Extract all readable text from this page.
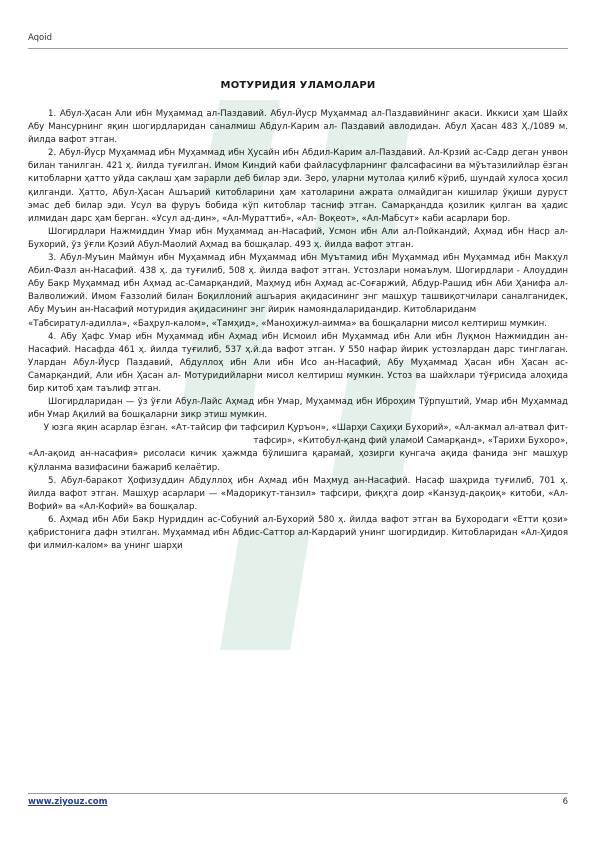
Aqoid
МОТУРИДИЯ УЛАМОЛАРИ

1. Абул-Ҳасан Али ибн Муҳаммад ал-Паздавий. Абул-Йуср Муҳаммад ал-Паздавийнинг акаси. Иккиси ҳам Шайх Абу Мансурнинг яқин шогирдларидан саналмиш Абдул-Карим ал- Паздавий авлодидан. Абул Ҳасан 483 Ҳ./1089 м. йилда вафот этган.

2. Абул-Йуср Муҳаммад ибн Муҳаммад ибн Ҳусайн ибн Абдил-Карим ал-Паздавий. Ал-Крзий ас-Садр деган унвон билан танилган. 421 ҳ. йилда туғилган. Имом Киндий каби файласуфларнинг фалсафасини ва мўътазилийлар ёзган китобларни ҳатто уйда сақлаш ҳам зарарли деб билар эди. Зеро, уларни мутолаа қилиб кўриб, шундай хулоса ҳосил қилганди. Ҳатто, Абул-Ҳасан Ашъарий китобларини ҳам хатоларини ажрата олмайдиган кишилар ўқиши дуруст эмас деб билар эди. Усул ва фуруъ бобида кўп китоблар тасниф этган. Самарқандда қозилик қилган ва ҳадис илмидан дарс ҳам берган. «Усул ад-дин», «Ал-Мураттиб», «Ал- Воқеот», «Ал-Мабсут» каби асарлари бор.

Шогирдлари Нажмиддин Умар ибн Муҳаммад ан-Насафий, Усмон ибн Али ал-Пойкандий, Аҳмад ибн Наср ал-Бухорий, ўз ўғли Қозий Абул-Маолий Аҳмад ва бошқалар. 493 ҳ. йилда вафот этган.

3. Абул-Муъин Маймун ибн Муҳаммад ибн Муҳаммад ибн Муътамид ибн Муҳаммад ибн Муҳаммад ибн Макҳул Абил-Фазл ан-Насафий. 438 ҳ. да туғилиб, 508 ҳ. йилда вафот этган. Устозлари номаълум. Шогирдлари - Алоуддин Абу Бакр Муҳаммад ибн Аҳмад ас-Самарқандий, Маҳмуд ибн Аҳмад ас-Соғаржий, Абдур-Рашид ибн Аби Ҳанифа ал-Валволижий. Имом Ғаззолий билан Боқиллоний ашъария ақидасининг энг машҳур ташвиқотчилари саналганидек, Абу Муъин ан-Насафий мотуридия ақидасининг энг йирик намояндаларидандир. Китоблариданм

«Табсиратул-адилла», «Баҳрул-калом», «Тамҳид», «Маноҳижул-аимма» ва бошқаларни мисол келтириш мумкин.

4. Абу Ҳафс Умар ибн Муҳаммад ибн Аҳмад ибн Исмоил ибн Муҳаммад ибн Али ибн Луқмон Нажмиддин ан-Насафий. Насафда 461 ҳ. йилда туғилиб, 537 ҳ.й.да вафот этган. У 550 нафар йирик устозлардан дарс тинглаган. Улардан Абул-Йуср Паздавий, Абдуллоҳ ибн Али ибн Исо ан-Насафий, Абу Муҳаммад Ҳасан ибн Ҳасан ас-Самарқандий, Али ибн Ҳасан ал- Мотуридийларни мисол келтириш мумкин. Устоз ва шайхлари тўғрисида алоҳида бир китоб ҳам таълиф этган.

Шогирдларидан — ўз ўғли Абул-Лайс Аҳмад ибн Умар, Муҳаммад ибн Иброҳим Тўрпуштий, Умар ибн Муҳаммад ибн Умар Ақилий ва бошқаларни зикр этиш мумкин.

У юзга яқин асарлар ёзган. «Ат-тайсир фи тафсирил Қуръон», «Шарҳи Саҳиҳи Бухорий», «Ал-акмал ал-атвал фит-тафсир», «Китобул-қанд фий уламоИ Самарқанд», «Тарихи Бухоро»,

«Ал-ақоид ан-насафия» рисоласи кичик ҳажмда бўлишига қарамай, ҳозирги кунгача ақида фанида энг машҳур қўлланма вазифасини бажариб келаётир.

5. Абул-баракот Ҳофизуддин Абдуллоҳ ибн Аҳмад ибн Маҳмуд ан-Насафий. Насаф шаҳрида туғилиб, 701 ҳ. йилда вафот этган. Машҳур асарлари — «Мадорикут-танзил» тафсири, фиқҳга доир «Канзуд-дақоиқ» китоби, «Ал-Вофий» ва «Ал-Кофий» ва бошқалар.

6. Аҳмад ибн Аби Бакр Нуриддин ас-Собуний ал-Бухорий 580 ҳ. йилда вафот этган ва Бухородаги «Етти қози» қабристонига дафн этилган. Муҳаммад ибн Абдис-Саттор ал-Кардарий унинг шогирдидир. Китобларидан «Ал-Ҳидоя фи илмил-калом» ва унинг шарҳи

www.ziyouz.com	6
